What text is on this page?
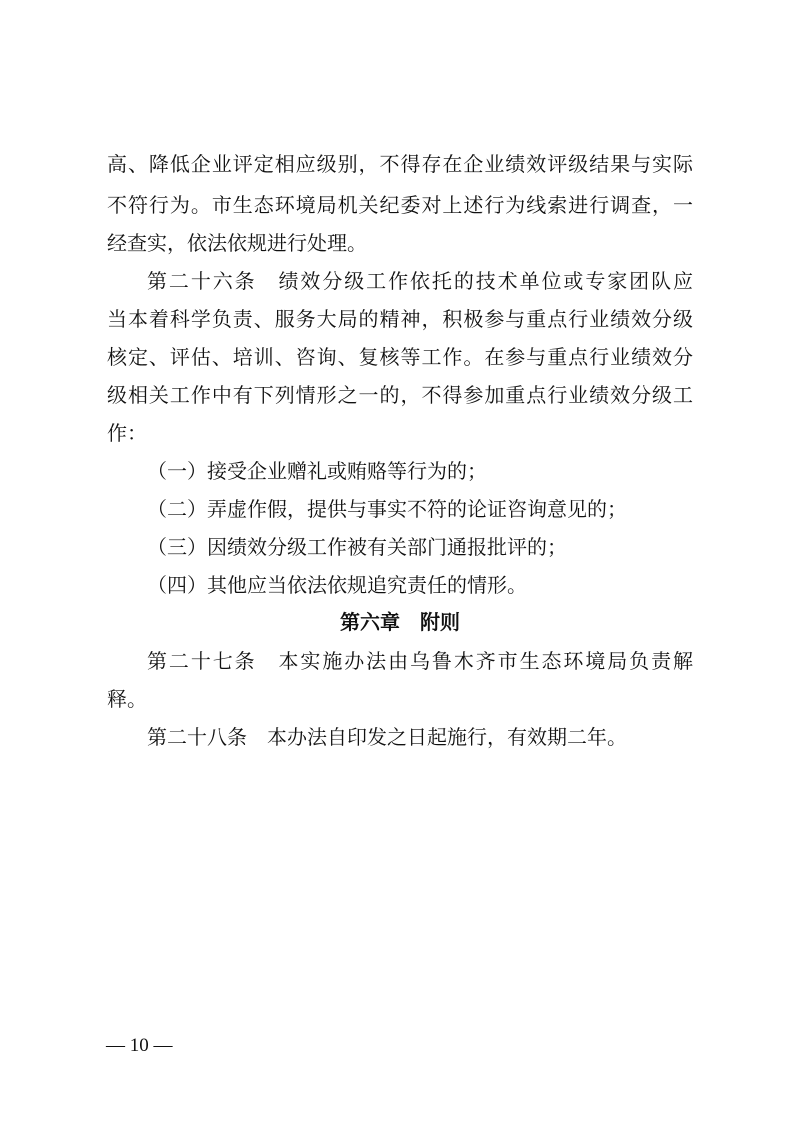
高、降低企业评定相应级别，不得存在企业绩效评级结果与实际
不符行为。市生态环境局机关纪委对上述行为线索进行调查，一
经查实，依法依规进行处理。
第二十六条　绩效分级工作依托的技术单位或专家团队应
当本着科学负责、服务大局的精神，积极参与重点行业绩效分级
核定、评估、培训、咨询、复核等工作。在参与重点行业绩效分
级相关工作中有下列情形之一的，不得参加重点行业绩效分级工
作：
（一）接受企业赠礼或贿赂等行为的；
（二）弄虚作假，提供与事实不符的论证咨询意见的；
（三）因绩效分级工作被有关部门通报批评的；
（四）其他应当依法依规追究责任的情形。
第六章　附则
第二十七条　本实施办法由乌鲁木齐市生态环境局负责解
释。
第二十八条　本办法自印发之日起施行，有效期二年。
— 10 —
